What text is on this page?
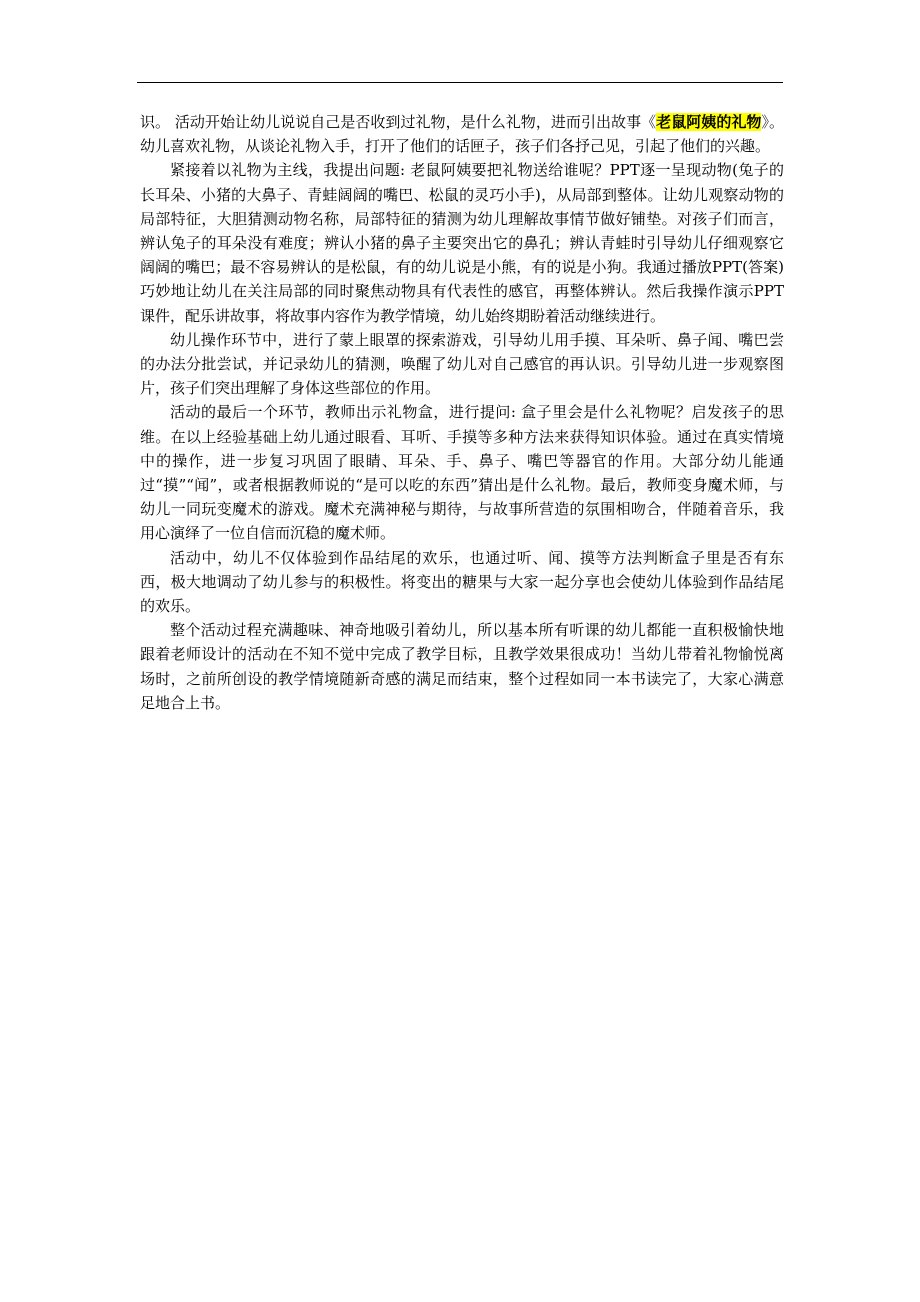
识。 活动开始让幼儿说说自己是否收到过礼物，是什么礼物，进而引出故事《老鼠阿姨的礼物》。幼儿喜欢礼物，从谈论礼物入手，打开了他们的话匣子，孩子们各抒己见，引起了他们的兴趣。

紧接着以礼物为主线，我提出问题: 老鼠阿姨要把礼物送给谁呢？PPT逐一呈现动物(兔子的长耳朵、小猪的大鼻子、青蛙阔阔的嘴巴、松鼠的灵巧小手)，从局部到整体。让幼儿观察动物的局部特征，大胆猜测动物名称，局部特征的猜测为幼儿理解故事情节做好铺垫。对孩子们而言，辨认兔子的耳朵没有难度；辨认小猪的鼻子主要突出它的鼻孔；辨认青蛙时引导幼儿仔细观察它阔阔的嘴巴；最不容易辨认的是松鼠，有的幼儿说是小熊，有的说是小狗。我通过播放PPT(答案)巧妙地让幼儿在关注局部的同时聚焦动物具有代表性的感官，再整体辨认。然后我操作演示PPT课件，配乐讲故事，将故事内容作为教学情境，幼儿始终期盼着活动继续进行。

幼儿操作环节中，进行了蒙上眼罩的探索游戏，引导幼儿用手摸、耳朵听、鼻子闻、嘴巴尝的办法分批尝试，并记录幼儿的猜测，唤醒了幼儿对自己感官的再认识。引导幼儿进一步观察图片，孩子们突出理解了身体这些部位的作用。

活动的最后一个环节，教师出示礼物盒，进行提问: 盒子里会是什么礼物呢？启发孩子的思维。在以上经验基础上幼儿通过眼看、耳听、手摸等多种方法来获得知识体验。通过在真实情境中的操作，进一步复习巩固了眼睛、耳朵、手、鼻子、嘴巴等器官的作用。大部分幼儿能通过“摸”“闻”，或者根据教师说的“是可以吃的东西”猜出是什么礼物。最后，教师变身魔术师，与幼儿一同玩变魔术的游戏。魔术充满神秘与期待，与故事所营造的氛围相吻合，伴随着音乐，我用心演绎了一位自信而沉稳的魔术师。

活动中，幼儿不仅体验到作品结尾的欢乐，也通过听、闻、摸等方法判断盒子里是否有东西，极大地调动了幼儿参与的积极性。将变出的糖果与大家一起分享也会使幼儿体验到作品结尾的欢乐。

整个活动过程充满趣味、神奇地吸引着幼儿，所以基本所有听课的幼儿都能一直积极愉快地跟着老师设计的活动在不知不觉中完成了教学目标，且教学效果很成功！当幼儿带着礼物愉悦离场时，之前所创设的教学情境随新奇感的满足而结束，整个过程如同一本书读完了，大家心满意足地合上书。
